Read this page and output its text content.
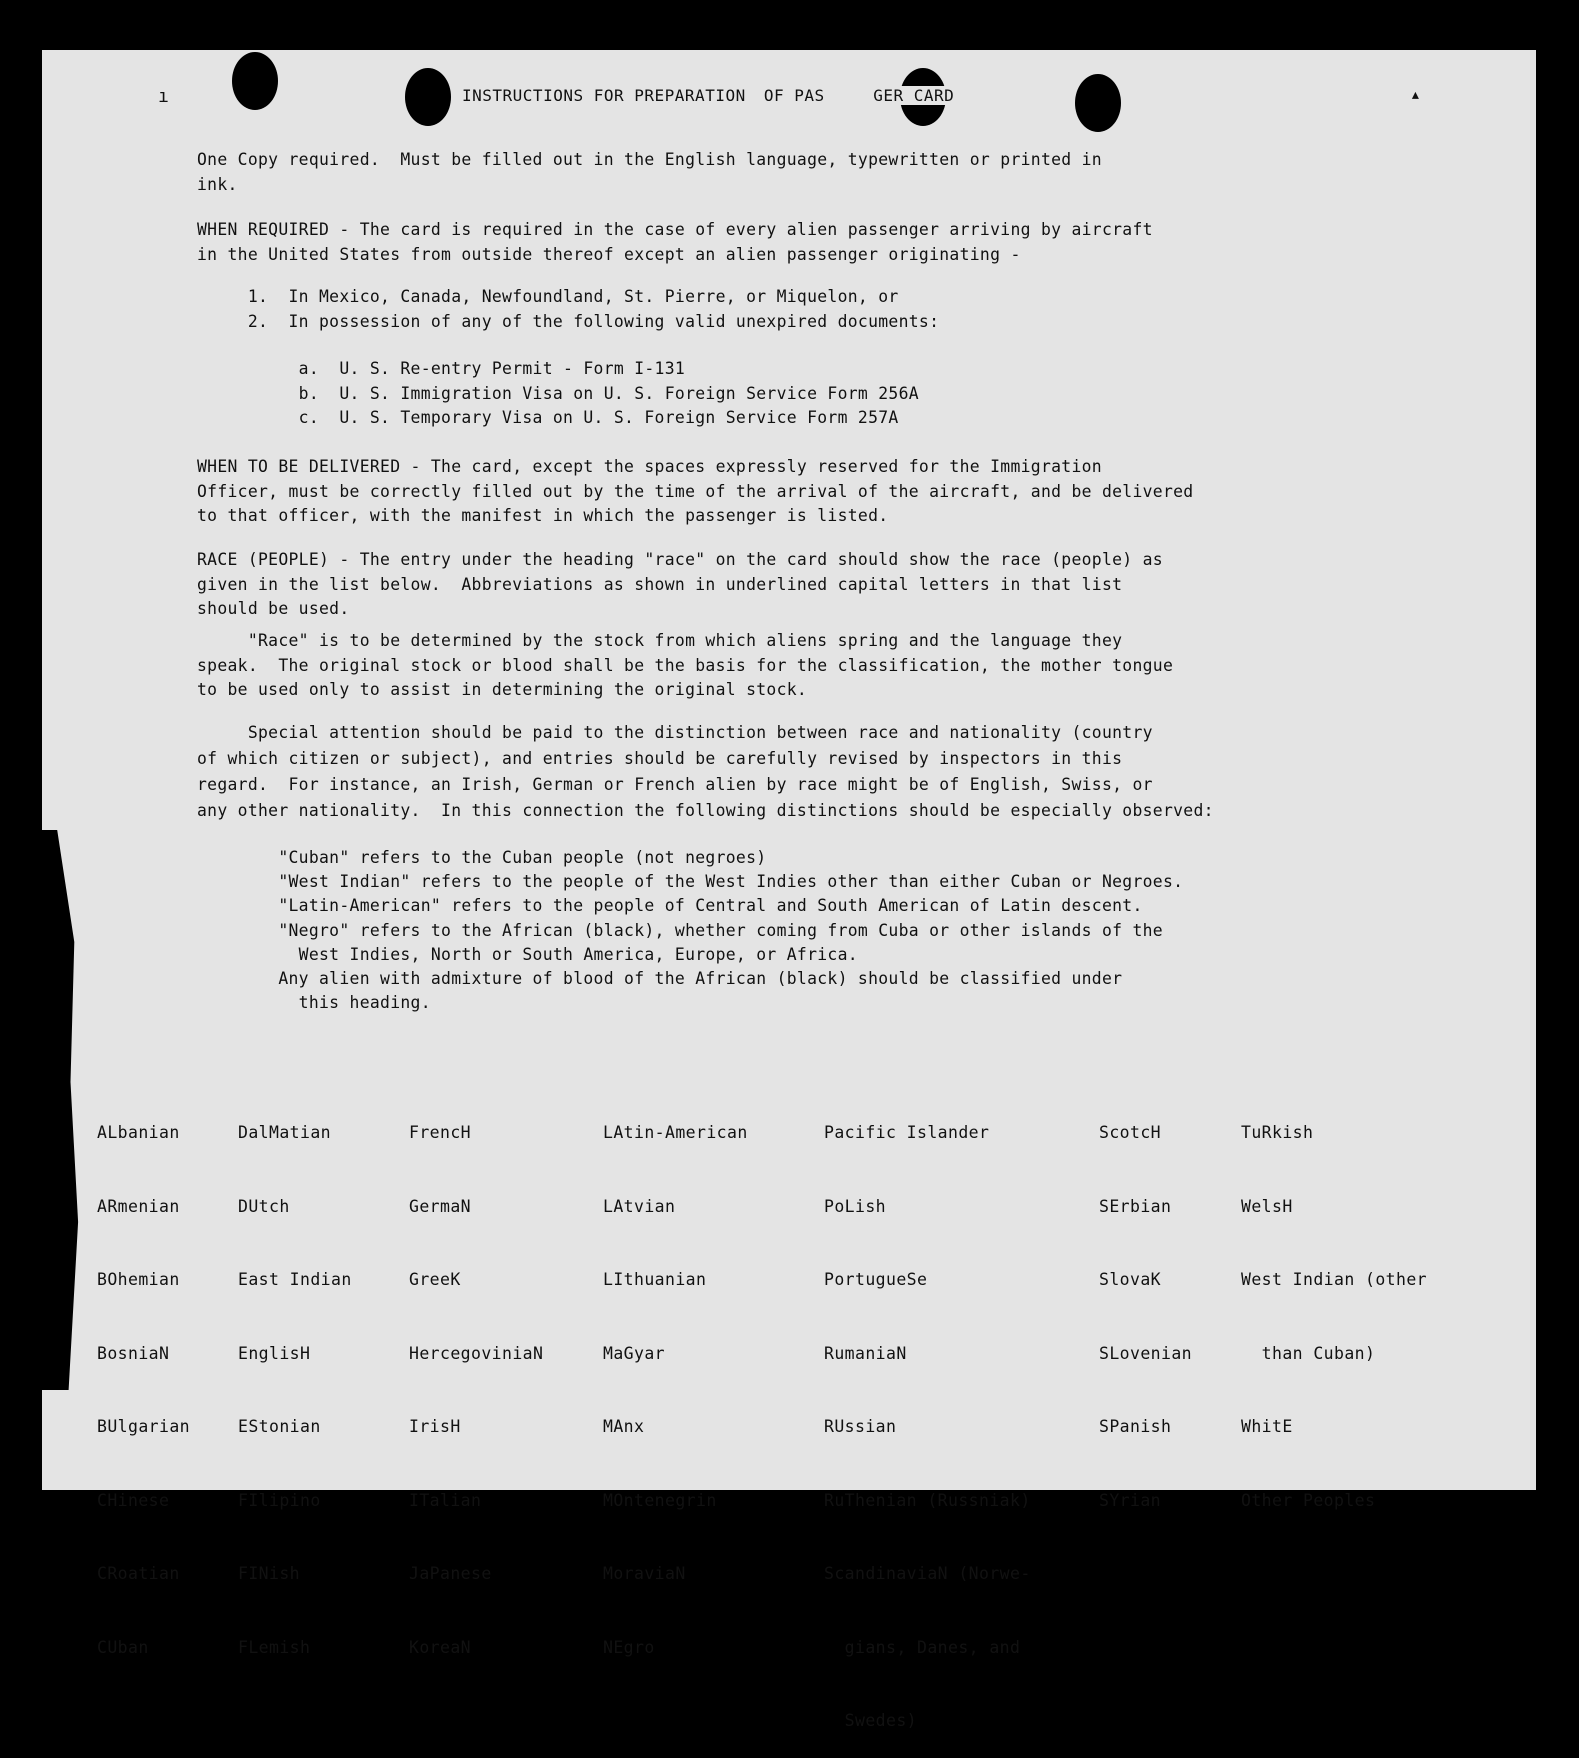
ı	▴
INSTRUCTIONS FOR PREPARATION OF PAS	GER CARD
One Copy required.  Must be filled out in the English language, typewritten or printed in
ink.
WHEN REQUIRED - The card is required in the case of every alien passenger arriving by aircraft
in the United States from outside thereof except an alien passenger originating -
1.  In Mexico, Canada, Newfoundland, St. Pierre, or Miquelon, or
2.  In possession of any of the following valid unexpired documents:
a.  U. S. Re-entry Permit - Form I-131
b.  U. S. Immigration Visa on U. S. Foreign Service Form 256A
c.  U. S. Temporary Visa on U. S. Foreign Service Form 257A
WHEN TO BE DELIVERED - The card, except the spaces expressly reserved for the Immigration
Officer, must be correctly filled out by the time of the arrival of the aircraft, and be delivered
to that officer, with the manifest in which the passenger is listed.
RACE (PEOPLE) - The entry under the heading "race" on the card should show the race (people) as
given in the list below.  Abbreviations as shown in underlined capital letters in that list
should be used.
"Race" is to be determined by the stock from which aliens spring and the language they
speak.  The original stock or blood shall be the basis for the classification, the mother tongue
to be used only to assist in determining the original stock.
Special attention should be paid to the distinction between race and nationality (country
of which citizen or subject), and entries should be carefully revised by inspectors in this
regard.  For instance, an Irish, German or French alien by race might be of English, Swiss, or
any other nationality.  In this connection the following distinctions should be especially observed:
"Cuban" refers to the Cuban people (not negroes)
"West Indian" refers to the people of the West Indies other than either Cuban or Negroes.
"Latin-American" refers to the people of Central and South American of Latin descent.
"Negro" refers to the African (black), whether coming from Cuba or other islands of the
West Indies, North or South America, Europe, or Africa.
Any alien with admixture of blood of the African (black) should be classified under
this heading.

ALbanian

ARmenian

BOhemian

BosniaN

BUlgarian

CHinese

CRoatian

CUban

DalMatian

DUtch

East Indian

EnglisH

EStonian

FIlipino

FINish

FLemish

FrencH

GermaN

GreeK

HercegoviniaN

IrisH

ITalian

JaPanese

KoreaN

LAtin-American

LAtvian

LIthuanian

MaGyar

MAnx

MOntenegrin

MoraviaN

NEgro

Pacific Islander

PoLish

PortugueSe

RumaniaN

RUssian

RuThenian (Russniak)

ScandinaviaN (Norwe-

gians, Danes, and

Swedes)

ScotcH

SErbian

SlovaK

SLovenian

SPanish

SYrian

TuRkish

WelsH

West Indian (other

than Cuban)

WhitE

Other Peoples
